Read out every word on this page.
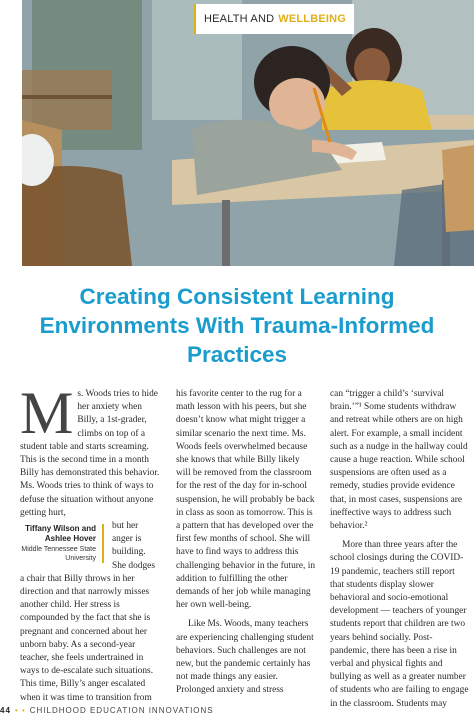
HEALTH AND WELLBEING
Creating Consistent Learning Environments With Trauma-Informed Practices

M s. Woods tries to hide her anxiety when Billy, a 1st-grader, climbs on top of a student table and starts screaming. This is the second time in a month Billy has demonstrated this behavior. Ms. Woods tries to think of ways to defuse the situation without anyone getting hurt,

Tiffany Wilson and Ashlee Hover
Middle Tennessee State University

but her anger is building. She dodges a chair that Billy throws in her direction and that narrowly misses another child. Her stress is compounded by the fact that she is pregnant and concerned about her unborn baby. As a second-year teacher, she feels undertrained in ways to de-escalate such situations. This time, Billy’s anger escalated when it was time to transition from

his favorite center to the rug for a math lesson with his peers, but she doesn’t know what might trigger a similar scenario the next time. Ms. Woods feels overwhelmed because she knows that while Billy likely will be removed from the classroom for the rest of the day for in-school suspension, he will probably be back in class as soon as tomorrow. This is a pattern that has developed over the first few months of school. She will have to find ways to address this challenging behavior in the future, in addition to fulfilling the other demands of her job while managing her own well-being.

Like Ms. Woods, many teachers are experiencing challenging student behaviors. Such challenges are not new, but the pandemic certainly has not made things any easier. Prolonged anxiety and stress

can “trigger a child’s ‘survival brain.’”¹ Some students withdraw and retreat while others are on high alert. For example, a small incident such as a nudge in the hallway could cause a huge reaction. While school suspensions are often used as a remedy, studies provide evidence that, in most cases, suspensions are ineffective ways to address such behavior.²

More than three years after the school closings during the COVID-19 pandemic, teachers still report that students display slower behavioral and socio-emotional development — teachers of younger students report that children are two years behind socially. Post-pandemic, there has been a rise in verbal and physical fights and bullying as well as a greater number of students who are failing to engage in the classroom. Students may

44 • • CHILDHOOD EDUCATION INNOVATIONS
